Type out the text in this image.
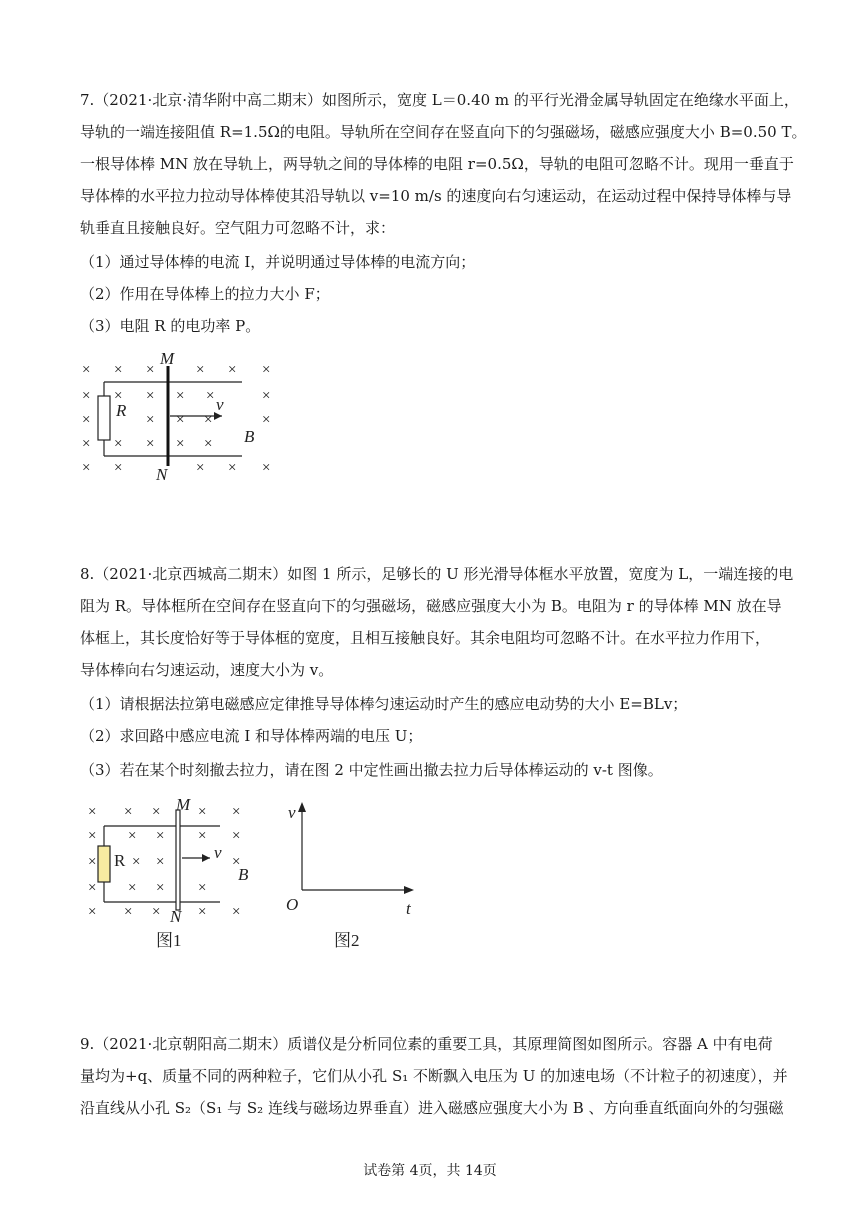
7.（2021·北京·清华附中高二期末）如图所示，宽度 L＝0.40 m 的平行光滑金属导轨固定在绝缘水平面上，
导轨的一端连接阻值 R=1.5Ω的电阻。导轨所在空间存在竖直向下的匀强磁场，磁感应强度大小 B=0.50 T。
一根导体棒 MN 放在导轨上，两导轨之间的导体棒的电阻 r=0.5Ω，导轨的电阻可忽略不计。现用一垂直于
导体棒的水平拉力拉动导体棒使其沿导轨以 v=10 m/s 的速度向右匀速运动，在运动过程中保持导体棒与导
轨垂直且接触良好。空气阻力可忽略不计，求：
（1）通过导体棒的电流 I，并说明通过导体棒的电流方向；
（2）作用在导体棒上的拉力大小 F；
（3）电阻 R 的电功率 P。
× × ×	× × ×
× × × × ×	×
×	× × ×	×
× × × × ×
× ×	× × ×
M
N
R	v
B
8.（2021·北京西城高二期末）如图 1 所示，足够长的 U 形光滑导体框水平放置，宽度为 L，一端连接的电
阻为 R。导体框所在空间存在竖直向下的匀强磁场，磁感应强度大小为 B。电阻为 r 的导体棒 MN 放在导
体框上，其长度恰好等于导体框的宽度，且相互接触良好。其余电阻均可忽略不计。在水平拉力作用下，
导体棒向右匀速运动，速度大小为 v。
（1）请根据法拉第电磁感应定律推导导体棒匀速运动时产生的感应电动势的大小 E=BLv；
（2）求回路中感应电流 I 和导体棒两端的电压 U；
（3）若在某个时刻撤去拉力，请在图 2 中定性画出撤去拉力后导体棒运动的 v-t 图像。
× × ×	× ×
× × × × ×
× × ×	×
× × × ×
× × ×	× ×
M
N
R	v
B
图1
v
O	t
图2
9.（2021·北京朝阳高二期末）质谱仪是分析同位素的重要工具，其原理简图如图所示。容器 A 中有电荷
量均为+q、质量不同的两种粒子，它们从小孔 S₁ 不断飘入电压为 U 的加速电场（不计粒子的初速度），并
沿直线从小孔 S₂（S₁ 与 S₂ 连线与磁场边界垂直）进入磁感应强度大小为 B 、方向垂直纸面向外的匀强磁
试卷第 4页，共 14页
